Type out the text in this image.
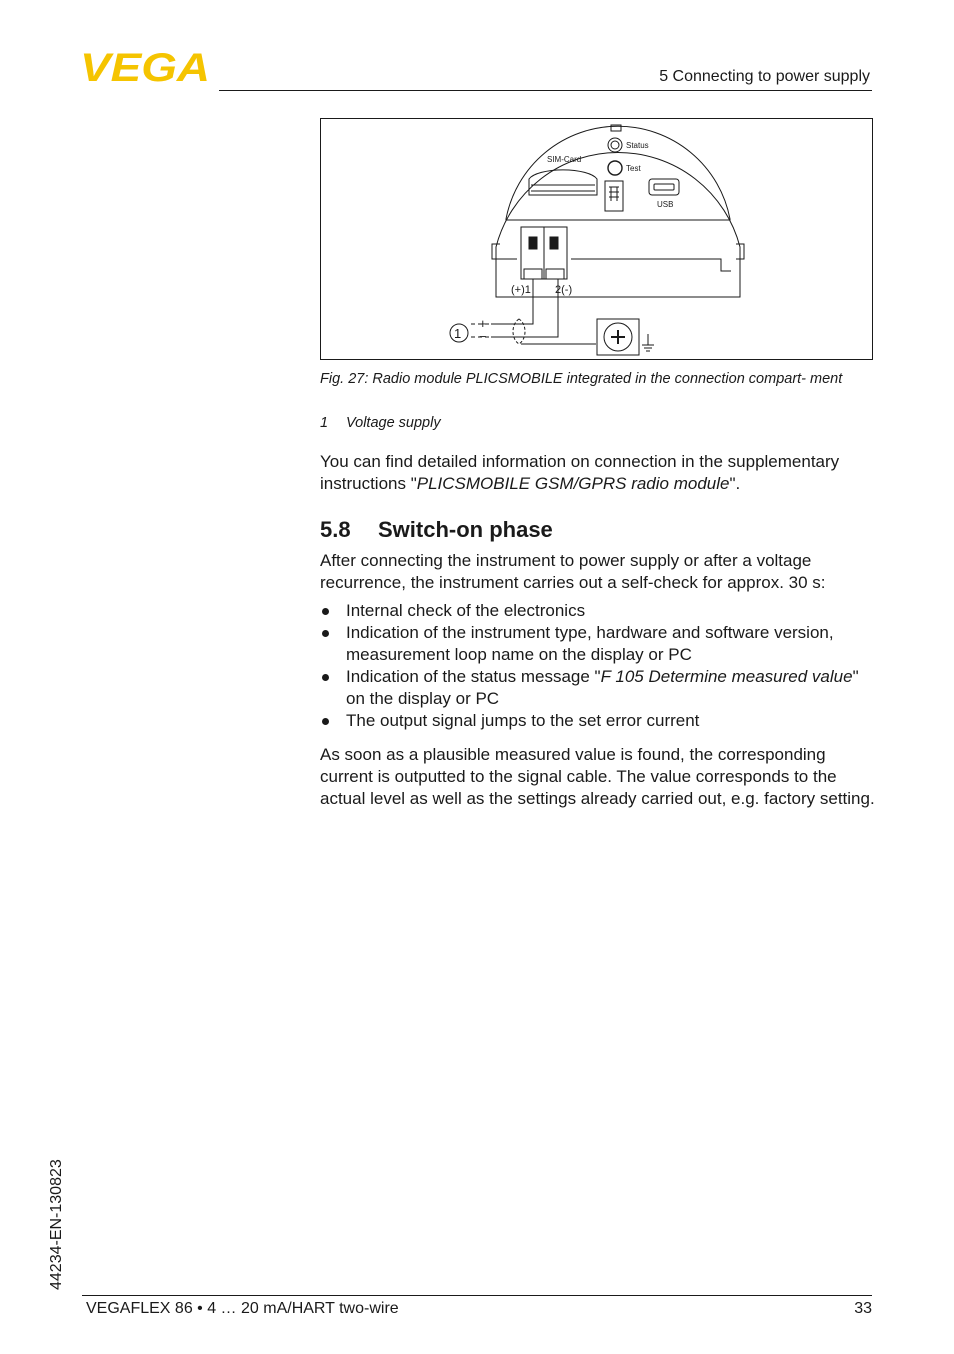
VEGA	5 Connecting to power supply
Status
SIM-Card
Test
USB
(+)1 2(-)
1
+
−
Fig. 27: Radio module PLICSMOBILE integrated in the connection compart- ment
1 Voltage supply

You can find detailed information on connection in the supplementary instructions "PLICSMOBILE GSM/GPRS radio module".

5.8 Switch-on phase

After connecting the instrument to power supply or after a voltage recurrence, the instrument carries out a self-check for approx. 30 s:

Internal check of the electronics
Indication of the instrument type, hardware and software version, measurement loop name on the display or PC
Indication of the status message "F 105 Determine measured value" on the display or PC
The output signal jumps to the set error current

As soon as a plausible measured value is found, the corresponding current is outputted to the signal cable. The value corresponds to the actual level as well as the settings already carried out, e.g. factory setting.

44234-EN-130823
VEGAFLEX 86 • 4 … 20 mA/HART two-wire	33
